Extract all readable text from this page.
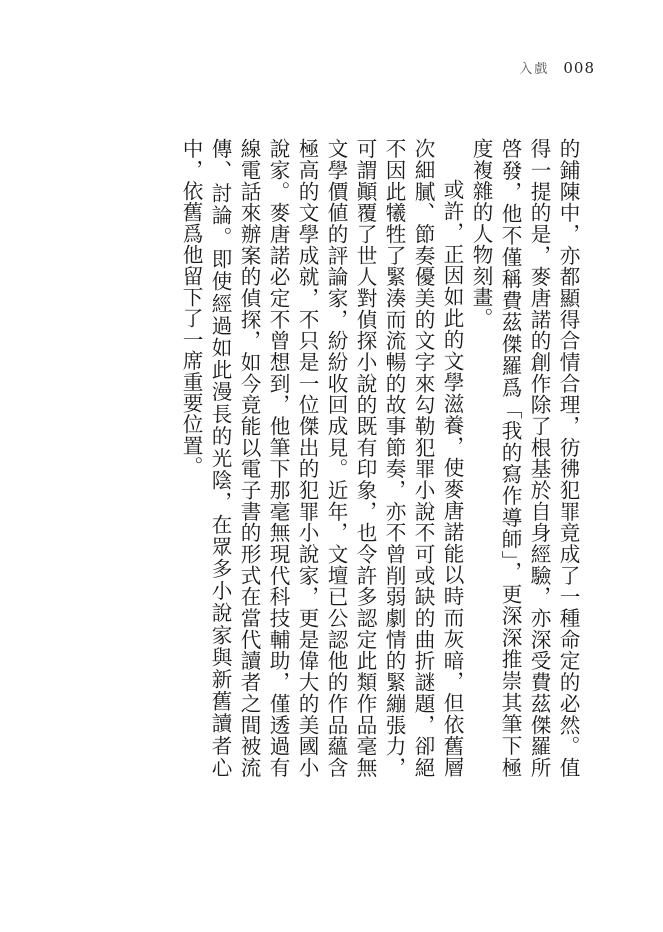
入戲 008

的鋪陳中，亦都顯得合情合理，彷彿犯罪竟成了一種命定的必然。值得一提的是，麥唐諾的創作除了根基於自身經驗，亦深受費茲傑羅所啓發，他不僅稱費茲傑羅爲「我的寫作導師」，更深深推崇其筆下極度複雜的人物刻畫。

或許，正因如此的文學滋養，使麥唐諾能以時而灰暗，但依舊層次細膩、節奏優美的文字來勾勒犯罪小說不可或缺的曲折謎題，卻絕不因此犧牲了緊湊而流暢的故事節奏，亦不曾削弱劇情的緊繃張力，可謂顚覆了世人對偵探小說的既有印象，也令許多認定此類作品毫無文學價値的評論家，紛紛收回成見。近年，文壇已公認他的作品蘊含極高的文學成就，不只是一位傑出的犯罪小說家，更是偉大的美國小說家。麥唐諾必定不曾想到，他筆下那毫無現代科技輔助，僅透過有線電話來辦案的偵探，如今竟能以電子書的形式在當代讀者之間被流傳、討論。即使經過如此漫長的光陰，在眾多小說家與新舊讀者心中，依舊爲他留下了一席重要位置。
